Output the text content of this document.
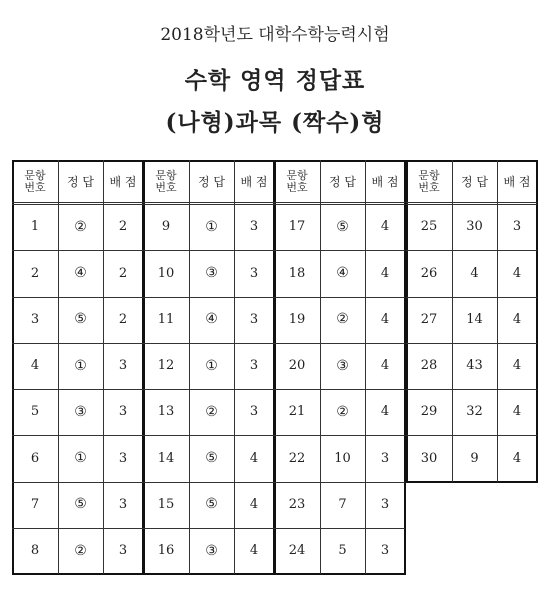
2018학년도 대학수학능력시험
수학 영역 정답표
(나형)과목 (짝수)형
문항
번호	정 답	배 점
1	②	2
2	④	2
3	⑤	2
4	①	3
5	③	3
6	①	3
7	⑤	3
8	②	3
문항
번호	정 답	배 점
9	①	3
10	③	3
11	④	3
12	①	3
13	②	3
14	⑤	4
15	⑤	4
16	③	4
문항
번호	정 답	배 점
17	⑤	4
18	④	4
19	②	4
20	③	4
21	②	4
22	10	3
23	7	3
24	5	3
문항
번호	정 답	배 점
25	30	3
26	4	4
27	14	4
28	43	4
29	32	4
30	9	4
